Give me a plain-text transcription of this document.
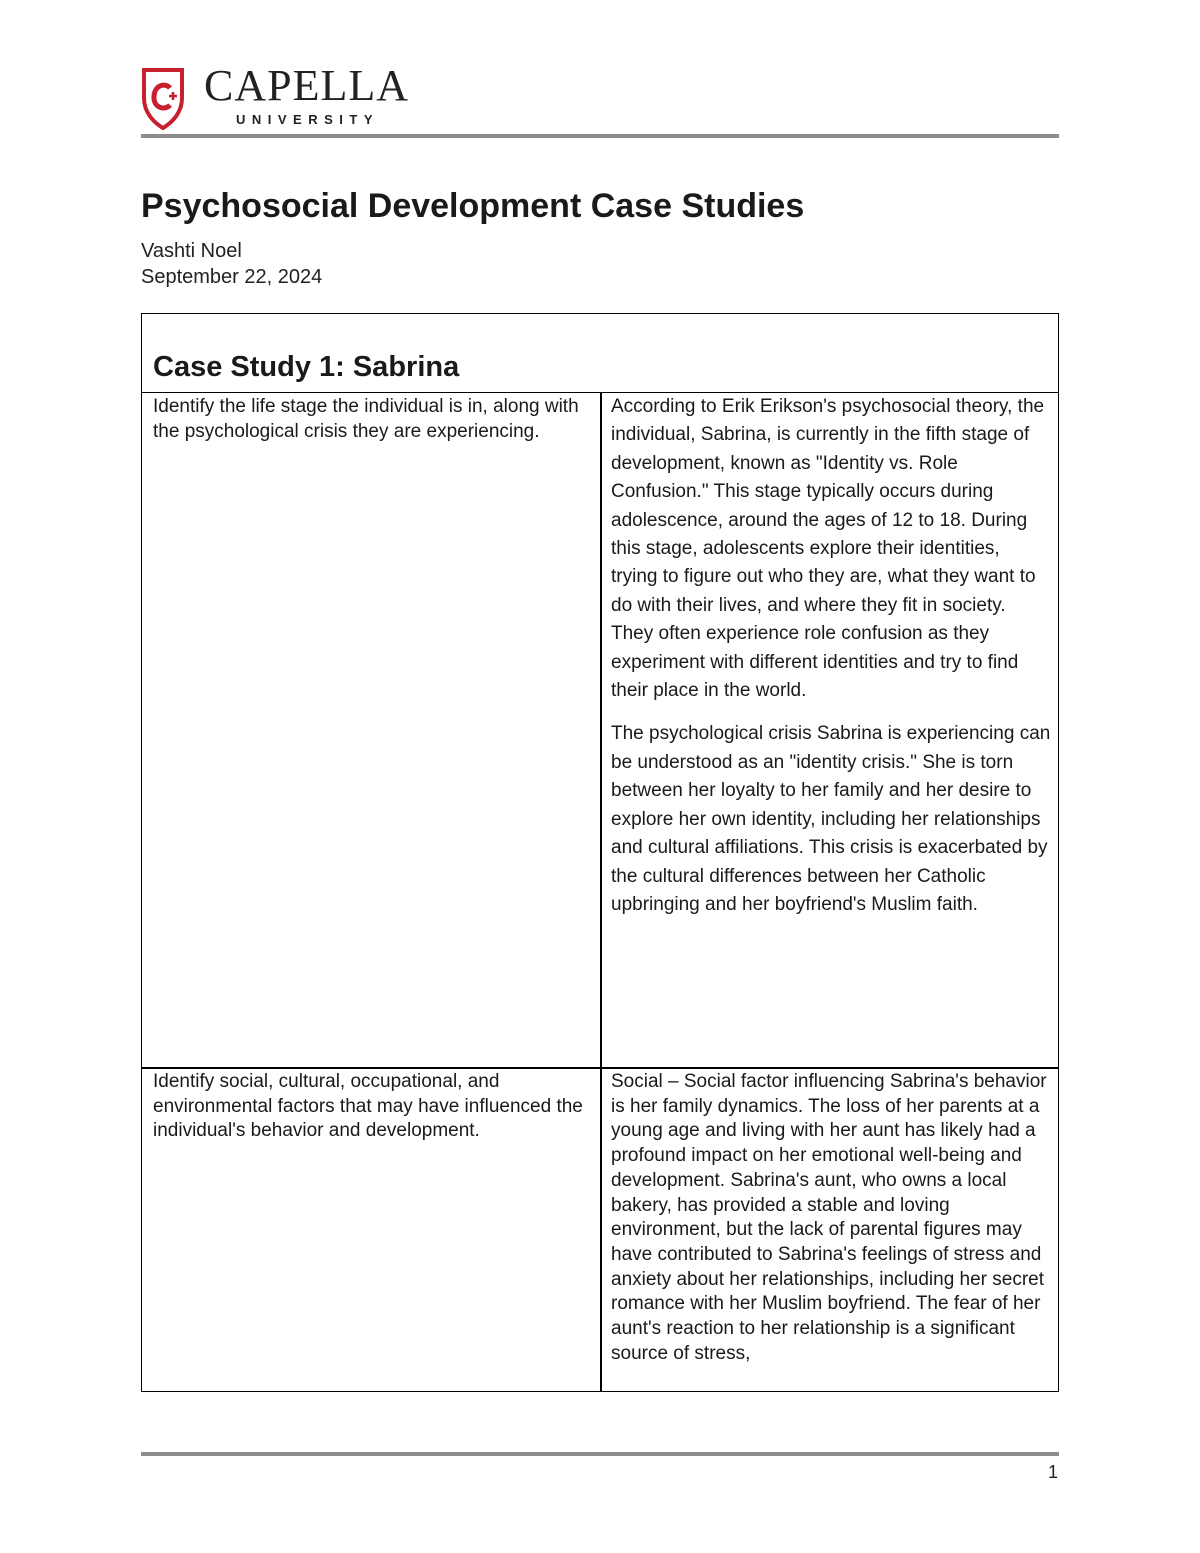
CAPELLA
UNIVERSITY
Psychosocial Development Case Studies
Vashti Noel
September 22, 2024
Case Study 1: Sabrina
Identify the life stage the individual is in, along with the psychological crisis they are experiencing.

According to Erik Erikson's psychosocial theory, the individual, Sabrina, is currently in the fifth stage of development, known as "Identity vs. Role Confusion." This stage typically occurs during adolescence, around the ages of 12 to 18. During this stage, adolescents explore their identities, trying to figure out who they are, what they want to do with their lives, and where they fit in society. They often experience role confusion as they experiment with different identities and try to find their place in the world.

The psychological crisis Sabrina is experiencing can be understood as an "identity crisis." She is torn between her loyalty to her family and her desire to explore her own identity, including her relationships and cultural affiliations. This crisis is exacerbated by the cultural differences between her Catholic upbringing and her boyfriend's Muslim faith.

Identify social, cultural, occupational, and environmental factors that may have influenced the individual's behavior and development.
Social – Social factor influencing Sabrina's behavior is her family dynamics. The loss of her parents at a young age and living with her aunt has likely had a profound impact on her emotional well-being and development. Sabrina's aunt, who owns a local bakery, has provided a stable and loving environment, but the lack of parental figures may have contributed to Sabrina's feelings of stress and anxiety about her relationships, including her secret romance with her Muslim boyfriend. The fear of her aunt's reaction to her relationship is a significant source of stress,
1
